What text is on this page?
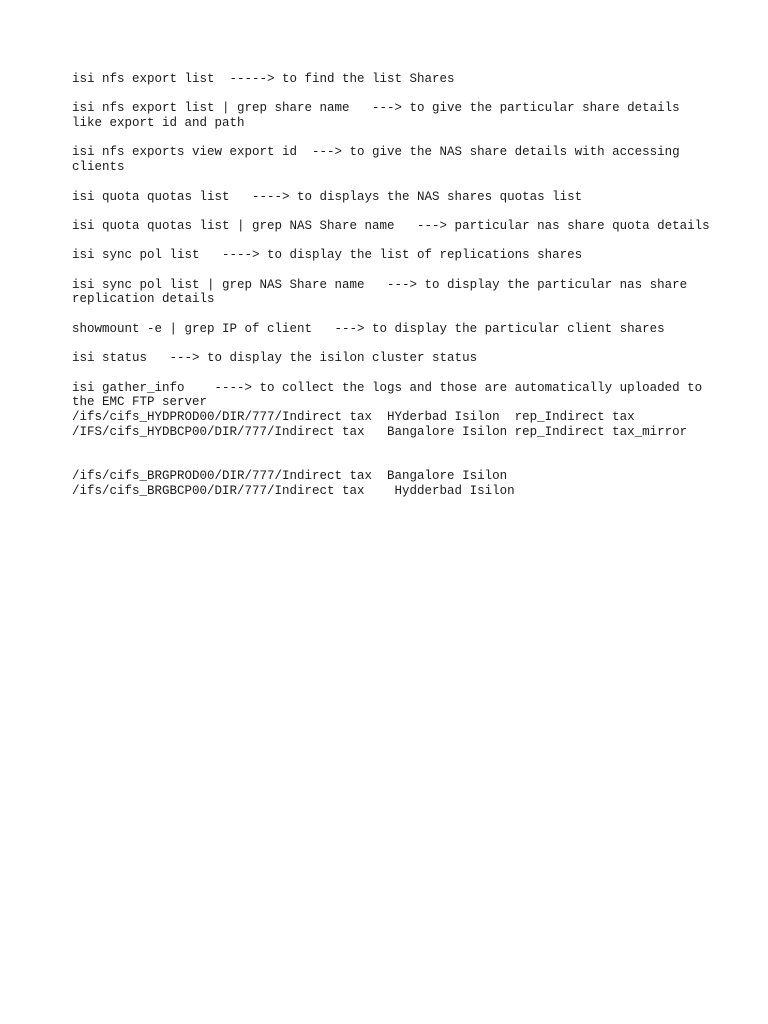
isi nfs export list  -----> to find the list Shares
isi nfs export list | grep share name   ---> to give the particular share details like export id and path
isi nfs exports view export id  ---> to give the NAS share details with accessing clients
isi quota quotas list   ----> to displays the NAS shares quotas list
isi quota quotas list | grep NAS Share name   ---> particular nas share quota details
isi sync pol list   ----> to display the list of replications shares
isi sync pol list | grep NAS Share name   ---> to display the particular nas share replication details
showmount -e | grep IP of client   ---> to display the particular client shares
isi status   ---> to display the isilon cluster status
isi gather_info    ----> to collect the logs and those are automatically uploaded to the EMC FTP server
/ifs/cifs_HYDPROD00/DIR/777/Indirect tax  HYderbad Isilon  rep_Indirect tax
/IFS/cifs_HYDBCP00/DIR/777/Indirect tax   Bangalore Isilon rep_Indirect tax_mirror
/ifs/cifs_BRGPROD00/DIR/777/Indirect tax  Bangalore Isilon
/ifs/cifs_BRGBCP00/DIR/777/Indirect tax    Hydderbad Isilon
